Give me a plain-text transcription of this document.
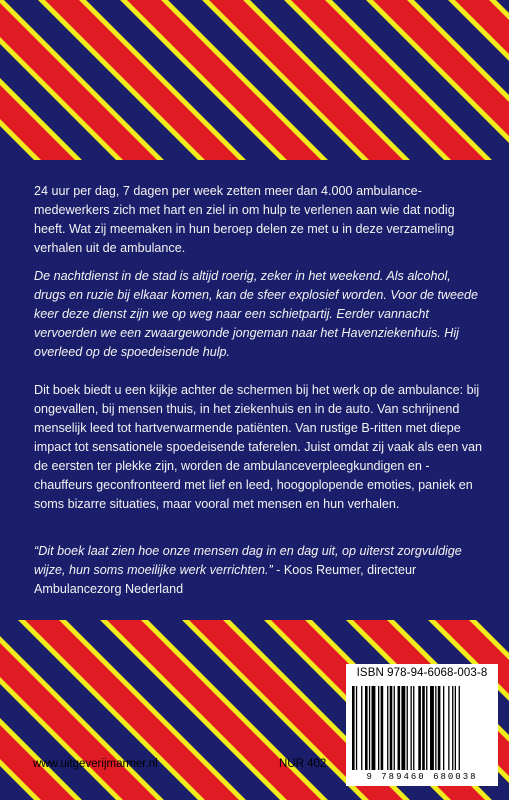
24 uur per dag, 7 dagen per week zetten meer dan 4.000 ambulancemedewerkers zich met hart en ziel in om hulp te verlenen aan wie dat nodig heeft. Wat zij meemaken in hun beroep delen ze met u in deze verzameling verhalen uit de ambulance.

De nachtdienst in de stad is altijd roerig, zeker in het weekend. Als alcohol, drugs en ruzie bij elkaar komen, kan de sfeer explosief worden. Voor de tweede keer deze dienst zijn we op weg naar een schietpartij. Eerder vannacht vervoerden we een zwaargewonde jongeman naar het Havenziekenhuis. Hij overleed op de spoedeisende hulp.

Dit boek biedt u een kijkje achter de schermen bij het werk op de ambulance: bij ongevallen, bij mensen thuis, in het ziekenhuis en in de auto. Van schrijnend menselijk leed tot hartverwarmende patiënten. Van rustige B-ritten met diepe impact tot sensationele spoedeisende taferelen. Juist omdat zij vaak als een van de eersten ter plekke zijn, worden de ambulanceverpleegkundigen en -chauffeurs geconfronteerd met lief en leed, hoogoplopende emoties, paniek en soms bizarre situaties, maar vooral met mensen en hun verhalen.

“Dit boek laat zien hoe onze mensen dag in en dag uit, op uiterst zorgvuldige wijze, hun soms moeilijke werk verrichten.” - Koos Reumer, directeur Ambulancezorg Nederland

ISBN 978-94-6068-003-8
9 789460 680038
www.uitgeverijmarmer.nl	NUR 402
